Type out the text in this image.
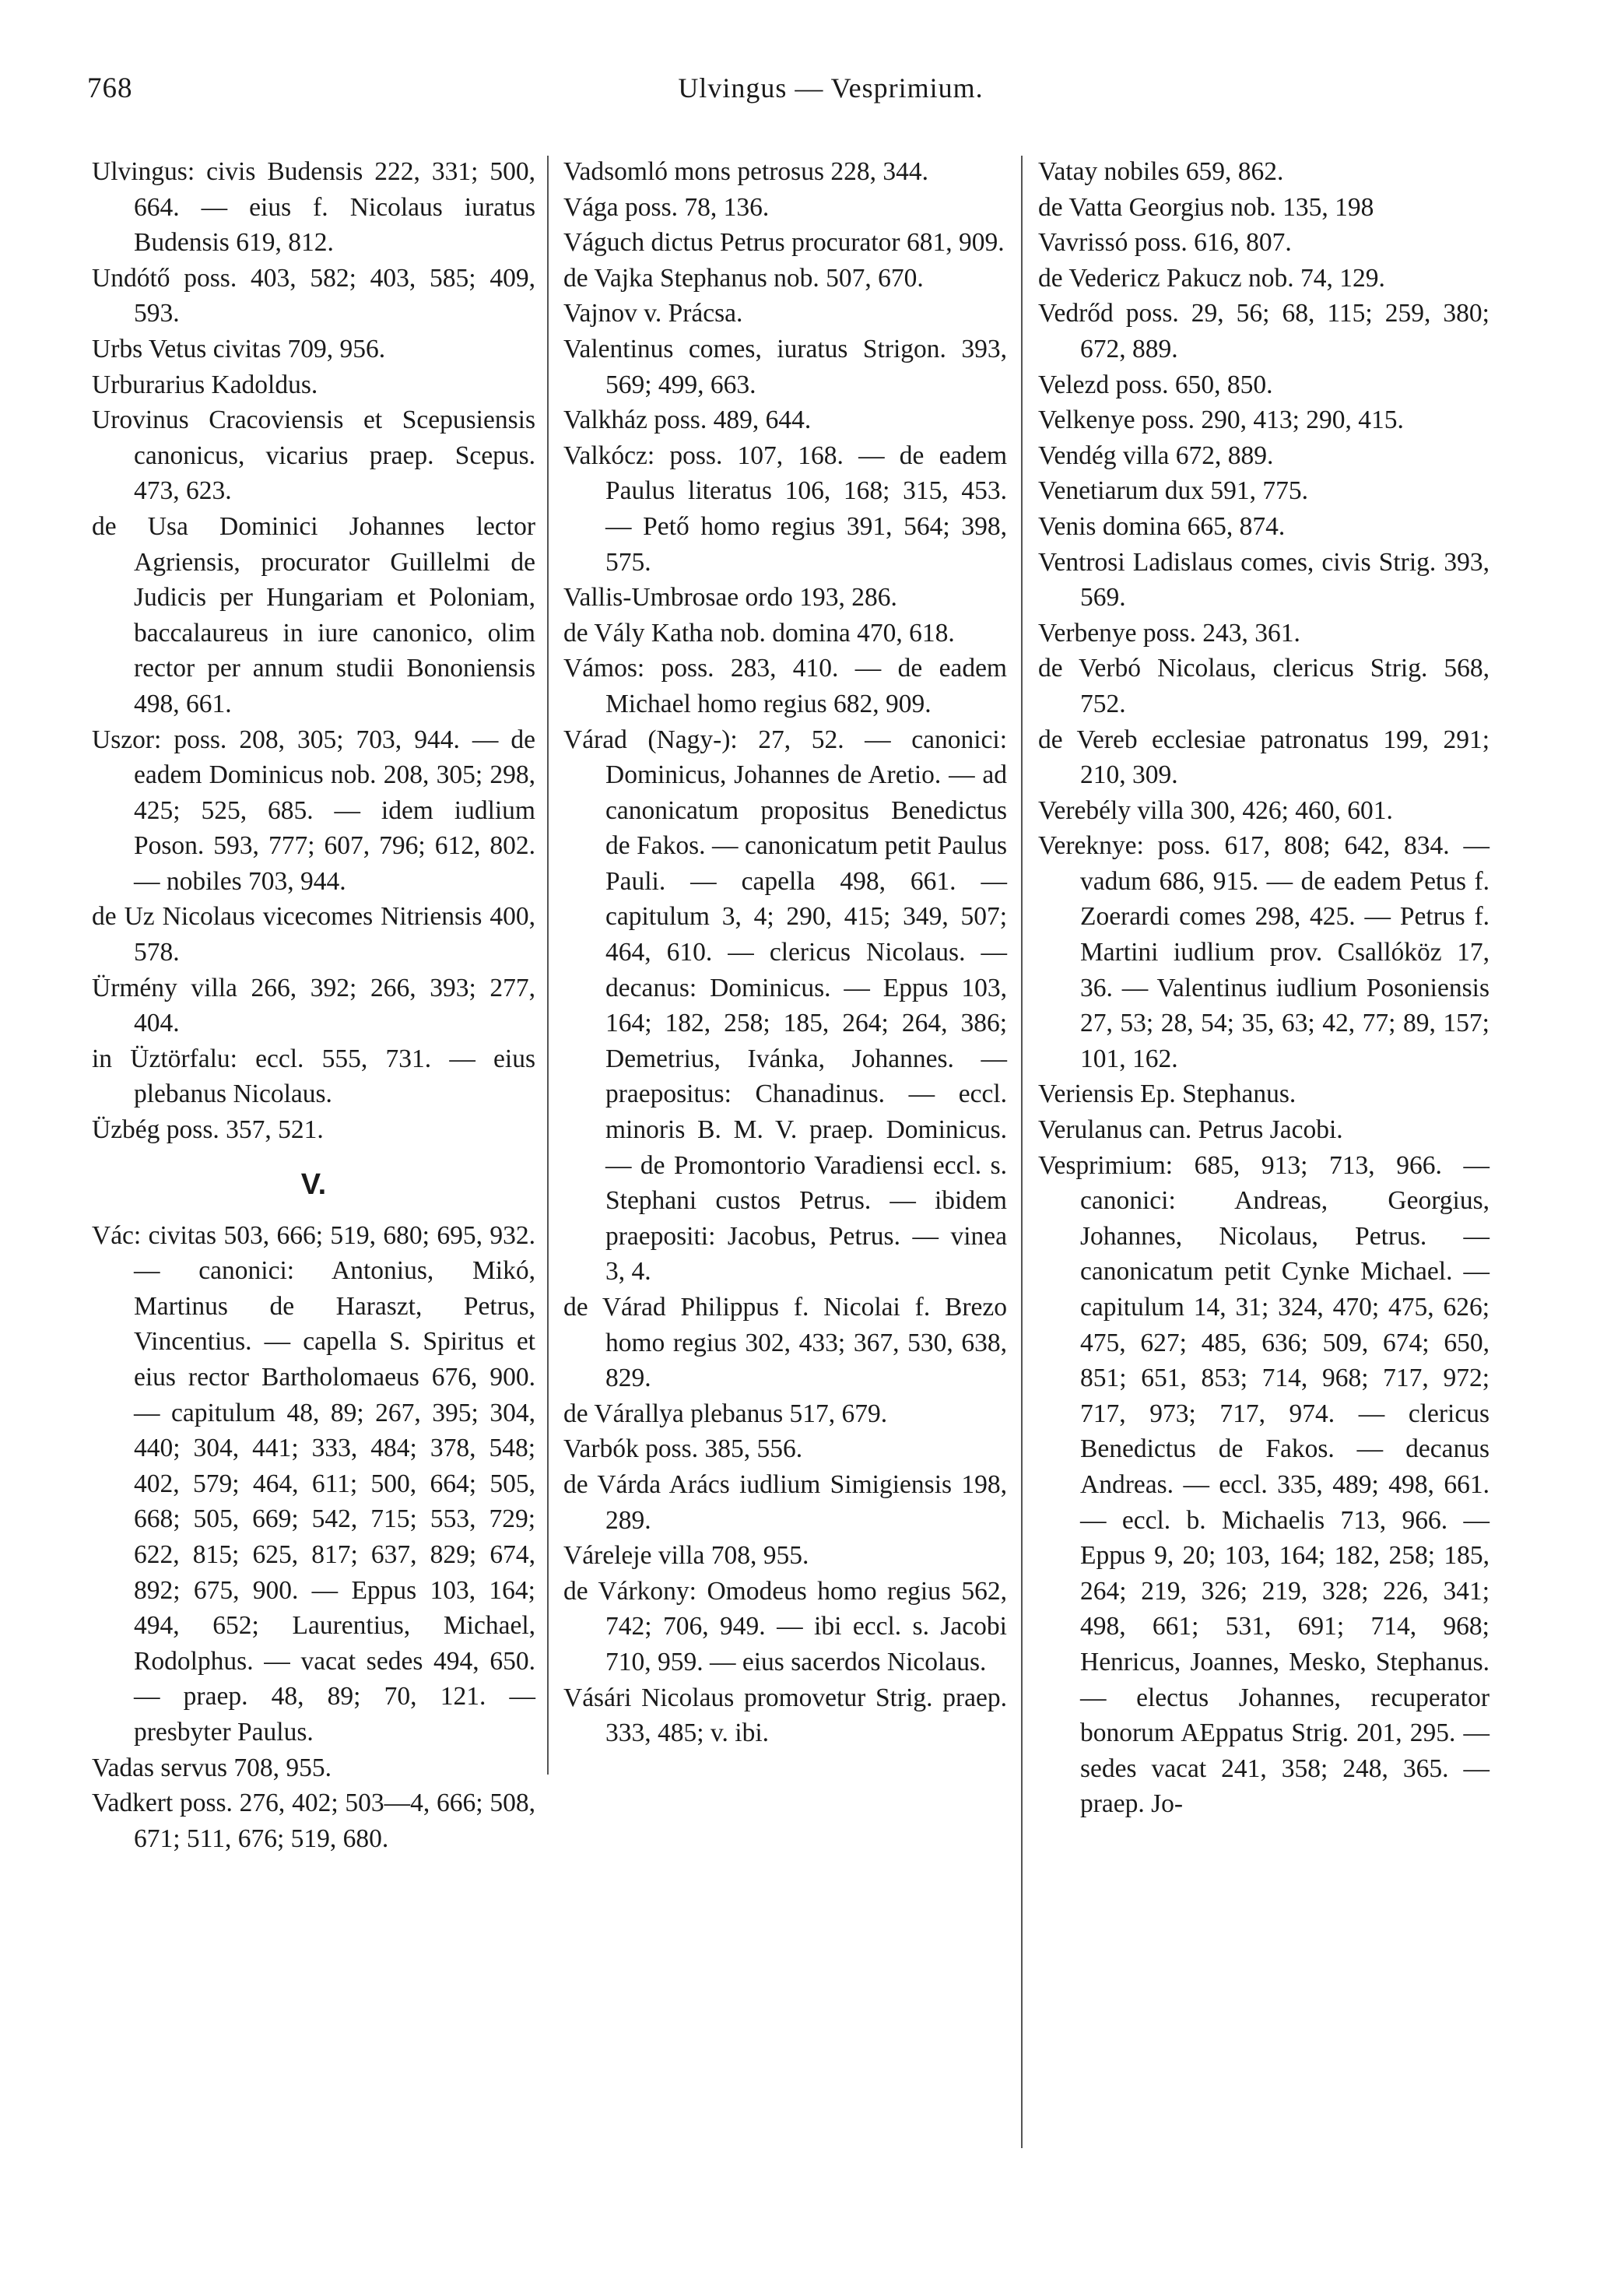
768	Ulvingus — Vesprimium.

Ulvingus: civis Budensis 222, 331; 500, 664. — eius f. Nicolaus iuratus Budensis 619, 812.

Undótő poss. 403, 582; 403, 585; 409, 593.

Urbs Vetus civitas 709, 956.

Urburarius Kadoldus.

Urovinus Cracoviensis et Scepusiensis canonicus, vicarius praep. Scepus. 473, 623.

de Usa Dominici Johannes lector Agriensis, procurator Guillelmi de Judicis per Hungariam et Poloniam, baccalaureus in iure canonico, olim rector per annum studii Bononiensis 498, 661.

Uszor: poss. 208, 305; 703, 944. — de eadem Dominicus nob. 208, 305; 298, 425; 525, 685. — idem iudlium Poson. 593, 777; 607, 796; 612, 802. — nobiles 703, 944.

de Uz Nicolaus vicecomes Nitriensis 400, 578.

Ürmény villa 266, 392; 266, 393; 277, 404.

in Üztörfalu: eccl. 555, 731. — eius plebanus Nicolaus.

Üzbég poss. 357, 521.

V.

Vác: civitas 503, 666; 519, 680; 695, 932. — canonici: Antonius, Mikó, Martinus de Haraszt, Petrus, Vincentius. — capella S. Spiritus et eius rector Bartholomaeus 676, 900. — capitulum 48, 89; 267, 395; 304, 440; 304, 441; 333, 484; 378, 548; 402, 579; 464, 611; 500, 664; 505, 668; 505, 669; 542, 715; 553, 729; 622, 815; 625, 817; 637, 829; 674, 892; 675, 900. — Eppus 103, 164; 494, 652; Laurentius, Michael, Rodolphus. — vacat sedes 494, 650. — praep. 48, 89; 70, 121. — presbyter Paulus.

Vadas servus 708, 955.

Vadkert poss. 276, 402; 503—4, 666; 508, 671; 511, 676; 519, 680.

Vadsomló mons petrosus 228, 344.

Vága poss. 78, 136.

Váguch dictus Petrus procurator 681, 909.

de Vajka Stephanus nob. 507, 670.

Vajnov v. Prácsa.

Valentinus comes, iuratus Strigon. 393, 569; 499, 663.

Valkház poss. 489, 644.

Valkócz: poss. 107, 168. — de eadem Paulus literatus 106, 168; 315, 453. — Pető homo regius 391, 564; 398, 575.

Vallis-Umbrosae ordo 193, 286.

de Vály Katha nob. domina 470, 618.

Vámos: poss. 283, 410. — de eadem Michael homo regius 682, 909.

Várad (Nagy-): 27, 52. — canonici: Dominicus, Johannes de Aretio. — ad canonicatum propositus Benedictus de Fakos. — canonicatum petit Paulus Pauli. — capella 498, 661. — capitulum 3, 4; 290, 415; 349, 507; 464, 610. — clericus Nicolaus. — decanus: Dominicus. — Eppus 103, 164; 182, 258; 185, 264; 264, 386; Demetrius, Ivánka, Johannes. — praepositus: Chanadinus. — eccl. minoris B. M. V. praep. Dominicus. — de Promontorio Varadiensi eccl. s. Stephani custos Petrus. — ibidem praepositi: Jacobus, Petrus. — vinea 3, 4.

de Várad Philippus f. Nicolai f. Brezo homo regius 302, 433; 367, 530, 638, 829.

de Várallya plebanus 517, 679.

Varbók poss. 385, 556.

de Várda Arács iudlium Simigiensis 198, 289.

Váreleje villa 708, 955.

de Várkony: Omodeus homo regius 562, 742; 706, 949. — ibi eccl. s. Jacobi 710, 959. — eius sacerdos Nicolaus.

Vásári Nicolaus promovetur Strig. praep. 333, 485; v. ibi.

Vatay nobiles 659, 862.

de Vatta Georgius nob. 135, 198

Vavrissó poss. 616, 807.

de Vedericz Pakucz nob. 74, 129.

Vedrőd poss. 29, 56; 68, 115; 259, 380; 672, 889.

Velezd poss. 650, 850.

Velkenye poss. 290, 413; 290, 415.

Vendég villa 672, 889.

Venetiarum dux 591, 775.

Venis domina 665, 874.

Ventrosi Ladislaus comes, civis Strig. 393, 569.

Verbenye poss. 243, 361.

de Verbó Nicolaus, clericus Strig. 568, 752.

de Vereb ecclesiae patronatus 199, 291; 210, 309.

Verebély villa 300, 426; 460, 601.

Vereknye: poss. 617, 808; 642, 834. — vadum 686, 915. — de eadem Petus f. Zoerardi comes 298, 425. — Petrus f. Martini iudlium prov. Csallóköz 17, 36. — Valentinus iudlium Posoniensis 27, 53; 28, 54; 35, 63; 42, 77; 89, 157; 101, 162.

Veriensis Ep. Stephanus.

Verulanus can. Petrus Jacobi.

Vesprimium: 685, 913; 713, 966. — canonici: Andreas, Georgius, Johannes, Nicolaus, Petrus. — canonicatum petit Cynke Michael. — capitulum 14, 31; 324, 470; 475, 626; 475, 627; 485, 636; 509, 674; 650, 851; 651, 853; 714, 968; 717, 972; 717, 973; 717, 974. — clericus Benedictus de Fakos. — decanus Andreas. — eccl. 335, 489; 498, 661. — eccl. b. Michaelis 713, 966. — Eppus 9, 20; 103, 164; 182, 258; 185, 264; 219, 326; 219, 328; 226, 341; 498, 661; 531, 691; 714, 968; Henricus, Joannes, Mesko, Stephanus. — electus Johannes, recuperator bonorum AEppatus Strig. 201, 295. — sedes vacat 241, 358; 248, 365. — praep. Jo-
